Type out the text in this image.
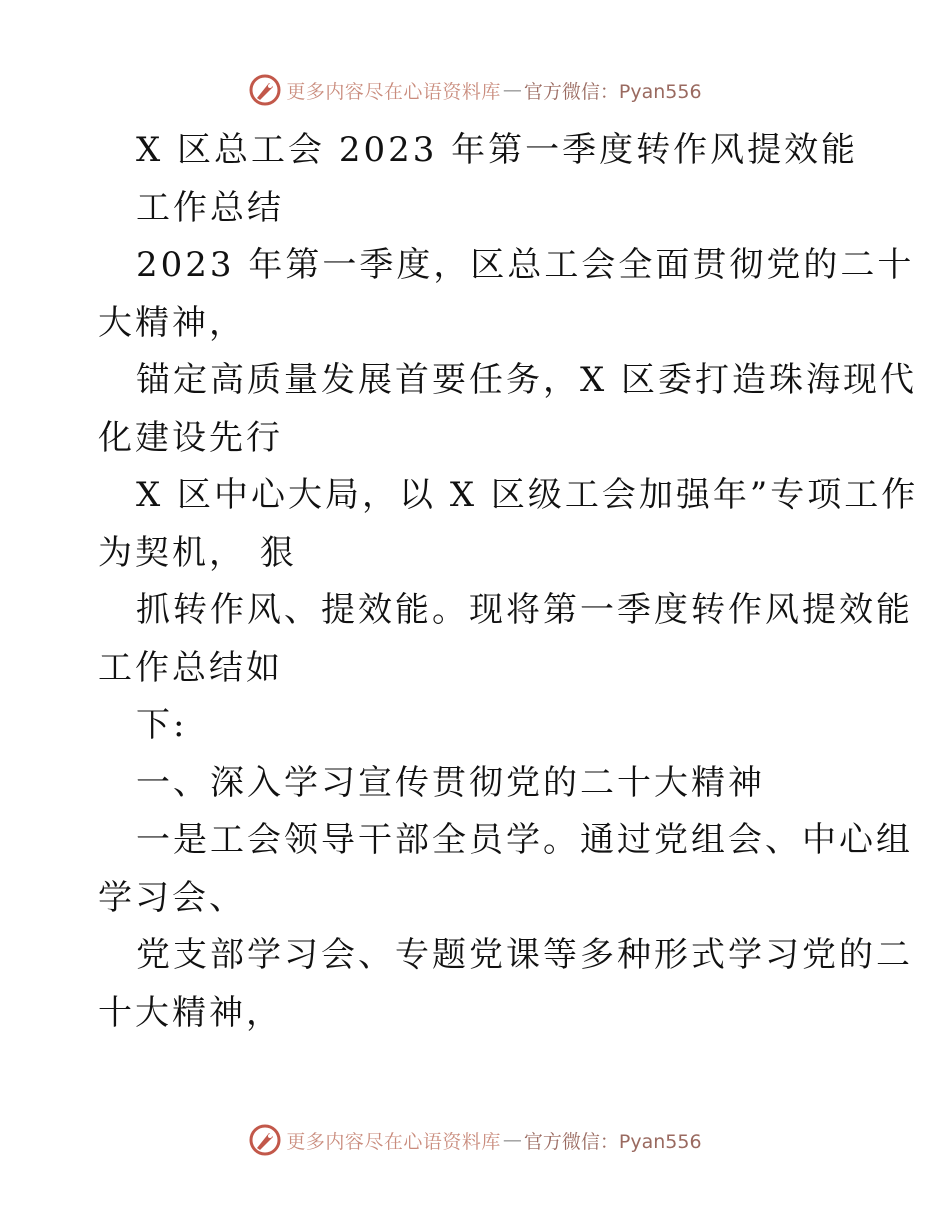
更多内容尽在心语资料库 — 官方微信：Pyan556
X 区总工会 2023 年第一季度转作风提效能
工作总结
2023 年第一季度，区总工会全面贯彻党的二十
大精神，
锚定高质量发展首要任务，X 区委打造珠海现代
化建设先行
X 区中心大局，以 X 区级工会加强年”专项工作
为契机， 狠
抓转作风、提效能。现将第一季度转作风提效能
工作总结如
下:
一、深入学习宣传贯彻党的二十大精神
一是工会领导干部全员学。通过党组会、中心组
学习会、
党支部学习会、专题党课等多种形式学习党的二
十大精神，
更多内容尽在心语资料库 — 官方微信：Pyan556
